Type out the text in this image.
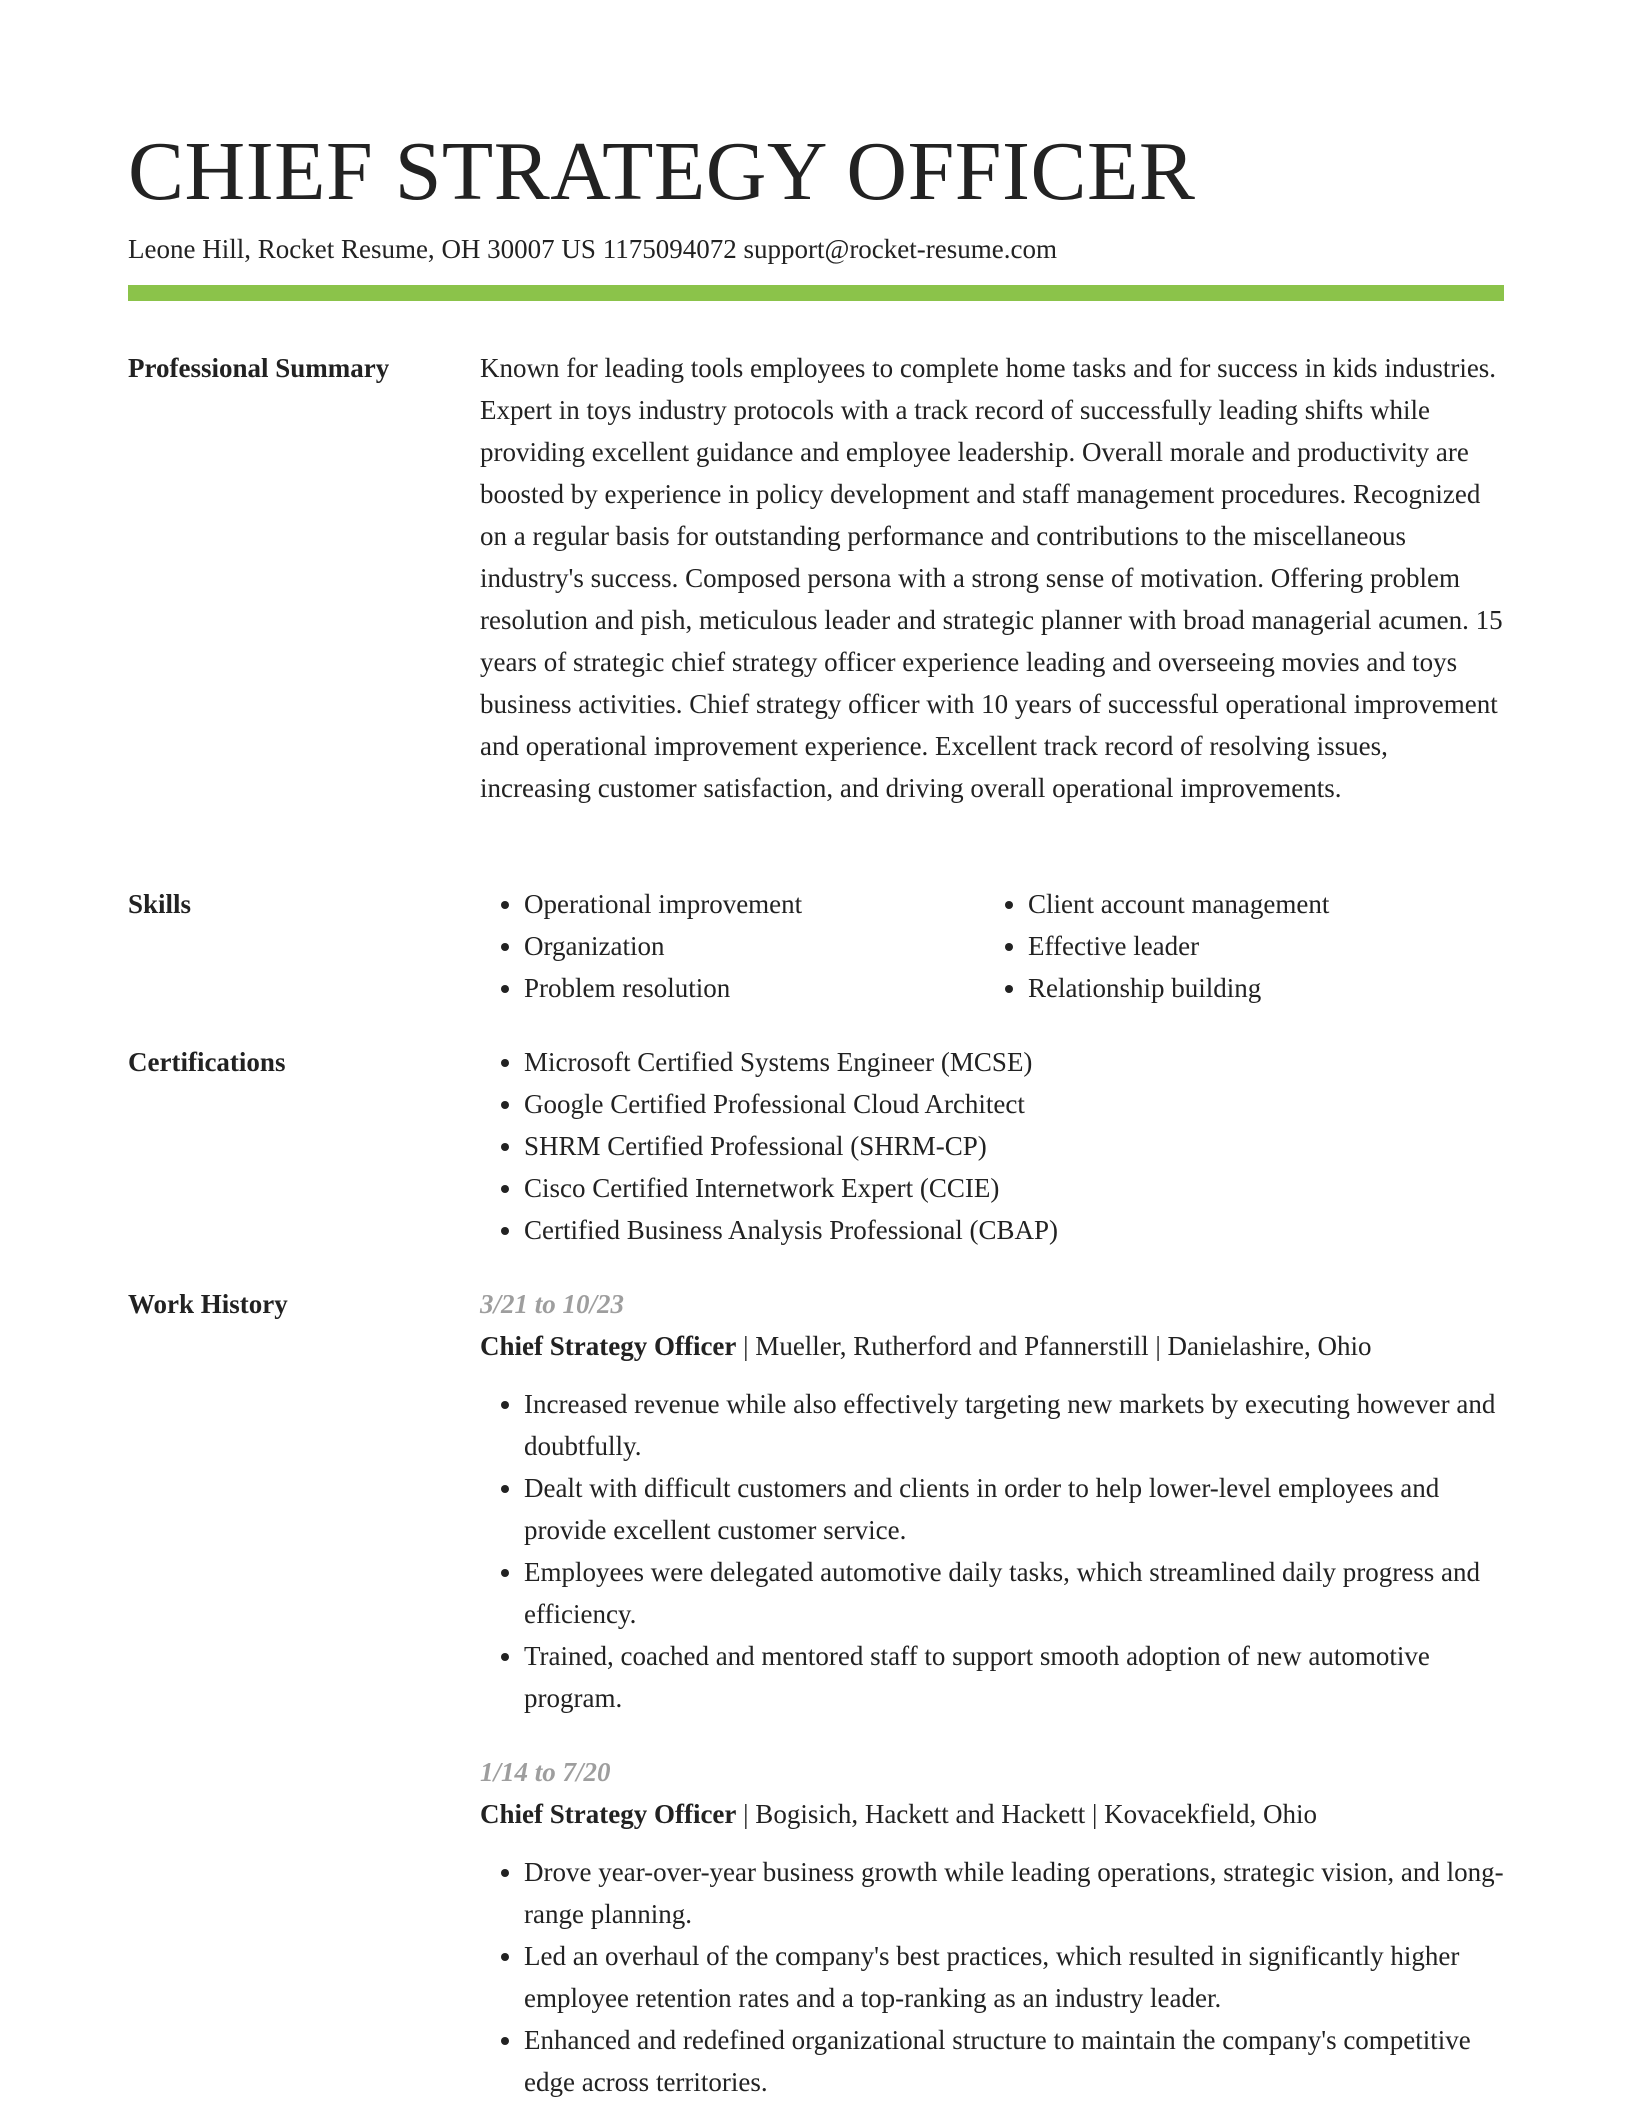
CHIEF STRATEGY OFFICER
Leone Hill, Rocket Resume, OH 30007 US 1175094072 support@rocket-resume.com
Professional Summary	Known for leading tools employees to complete home tasks and for success in kids industries. Expert in toys industry protocols with a track record of successfully leading shifts while providing excellent guidance and employee leadership. Overall morale and productivity are boosted by experience in policy development and staff management procedures. Recognized on a regular basis for outstanding performance and contributions to the miscellaneous industry's success. Composed persona with a strong sense of motivation. Offering problem resolution and pish, meticulous leader and strategic planner with broad managerial acumen. 15 years of strategic chief strategy officer experience leading and overseeing movies and toys business activities. Chief strategy officer with 10 years of successful operational improvement and operational improvement experience. Excellent track record of resolving issues, increasing customer satisfaction, and driving overall operational improvements.

Skills	• Operational improvement
• Organization
• Problem resolution
• Client account management
• Effective leader
• Relationship building
Certifications	• Microsoft Certified Systems Engineer (MCSE)
• Google Certified Professional Cloud Architect
• SHRM Certified Professional (SHRM-CP)
• Cisco Certified Internetwork Expert (CCIE)
• Certified Business Analysis Professional (CBAP)
Work History	3/21 to 10/23
Chief Strategy Officer | Mueller, Rutherford and Pfannerstill | Danielashire, Ohio
• Increased revenue while also effectively targeting new markets by executing however and doubtfully.
• Dealt with difficult customers and clients in order to help lower-level employees and provide excellent customer service.
• Employees were delegated automotive daily tasks, which streamlined daily progress and efficiency.
• Trained, coached and mentored staff to support smooth adoption of new automotive program.
1/14 to 7/20
Chief Strategy Officer | Bogisich, Hackett and Hackett | Kovacekfield, Ohio
• Drove year-over-year business growth while leading operations, strategic vision, and long-range planning.
• Led an overhaul of the company's best practices, which resulted in significantly higher employee retention rates and a top-ranking as an industry leader.
• Enhanced and redefined organizational structure to maintain the company's competitive edge across territories.
